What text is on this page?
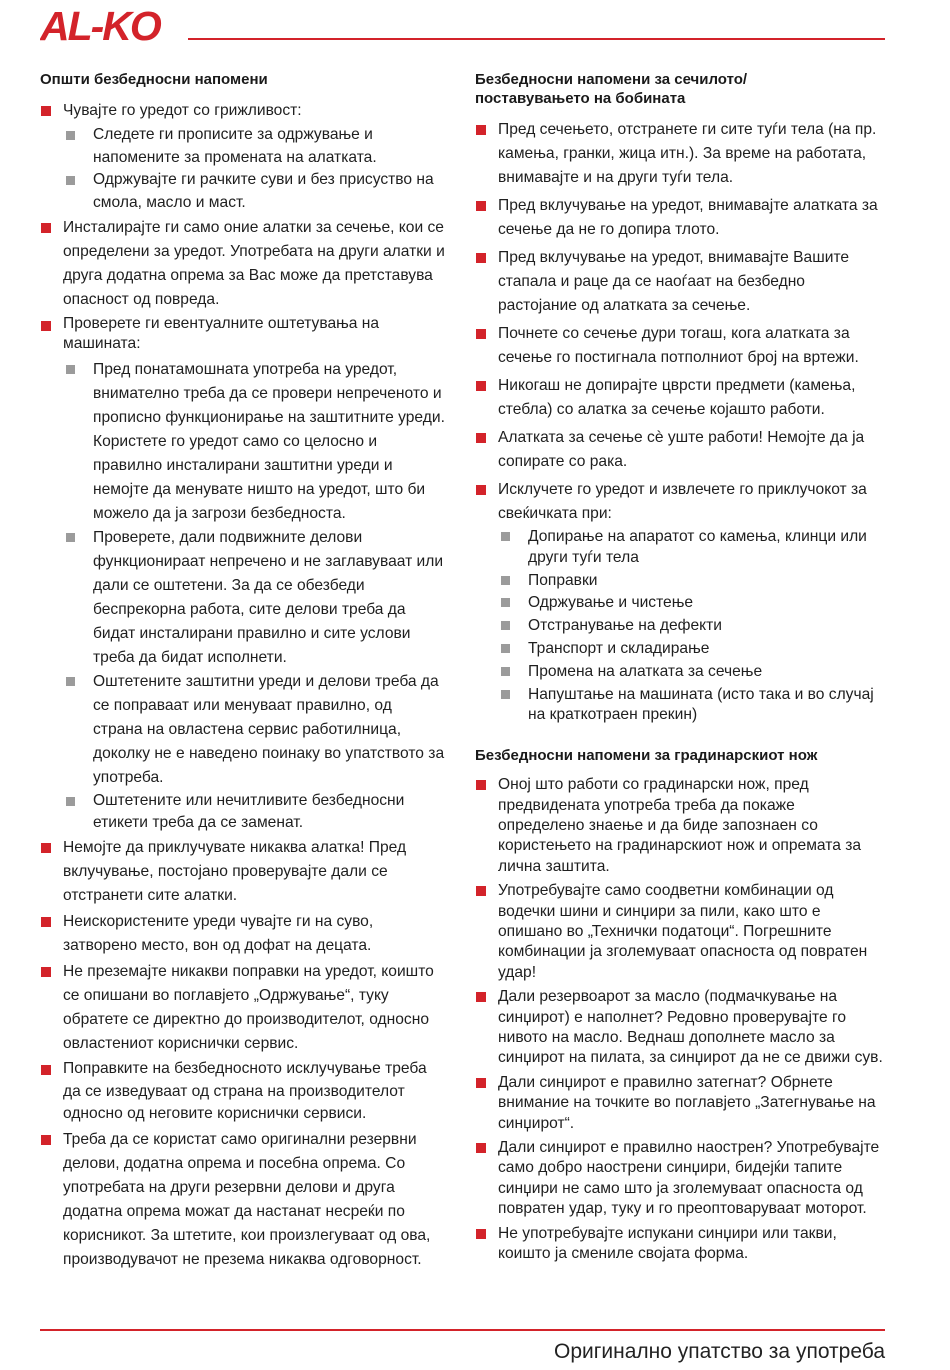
AL-KO
Општи безбедносни напомени
Чувајте го уредот со грижливост:
Следете ги прописите за одржување и напомените за промената на алатката.
Одржувајте ги рачките суви и без присуство на смола, масло и маст.
Инсталирајте ги само оние алатки за сечење, кои се определени за уредот. Употребата на други алатки и друга додатна опрема за Вас може да претставува опасност од повреда.
Проверете ги евентуалните оштетувања на машината:
Пред понатамошната употреба на уредот, внимателно треба да се провери непреченото и прописно функционирање на заштитните уреди. Користете го уредот само со целосно и правилно инсталирани заштитни уреди и немојте да менувате ништо на уредот, што би можело да ја загрози безбедноста.
Проверете, дали подвижните делови функционираат непречено и не заглавуваат или дали се оштетени. За да се обезбеди беспрекорна работа, сите делови треба да бидат инсталирани правилно и сите услови треба да бидат исполнети.
Оштетените заштитни уреди и делови треба да се поправаат или менуваат правилно, од страна на овластена сервис работилница, доколку не е наведено поинаку во упатството за употреба.
Оштетените или нечитливите безбедносни етикети треба да се заменат.
Немојте да приклучувате никаква алатка! Пред вклучување, постојано проверувајте дали се отстранети сите алатки.
Неискористените уреди чувајте ги на суво, затворено место, вон од дофат на децата.
Не преземајте никакви поправки на уредот, коишто се опишани во поглавјето „Одржување“, туку обратете се директно до производителот, односно овластениот кориснички сервис.
Поправките на безбедносното исклучување треба да се изведуваат од страна на производителот односно од неговите кориснички сервиси.
Треба да се користат само оригинални резервни делови, додатна опрема и посебна опрема. Со употребата на други резервни делови и друга додатна опрема можат да настанат несреќи по корисникот. За штетите, кои произлегуваат од ова, производувачот не презема никаква одговорност.
Безбедносни напомени за сечилото/ поставувањето на бобината
Пред сечењето, отстранете ги сите туѓи тела (на пр. камења, гранки, жица итн.). За време на работата, внимавајте и на други туѓи тела.
Пред вклучување на уредот, внимавајте алатката за сечење да не го допира тлото.
Пред вклучување на уредот, внимавајте Вашите стапала и раце да се наоѓаат на безбедно растојание од алатката за сечење.
Почнете со сечење дури тогаш, кога алатката за сечење го постигнала потполниот број на вртежи.
Никогаш не допирајте цврсти предмети (камења, стебла) со алатка за сечење којашто работи.
Алатката за сечење сè уште работи! Немојте да ја сопирате со рака.
Исклучете го уредот и извлечете го приклучокот за свеќичката при:
Допирање на апаратот со камења, клинци или други туѓи тела
Поправки
Одржување и чистење
Отстранување на дефекти
Транспорт и складирање
Промена на алатката за сечење
Напуштање на машината (исто така и во случај на краткотраен прекин)
Безбедносни напомени за градинарскиот нож
Оној што работи со градинарски нож, пред предвидената употреба треба да покаже определено знаење и да биде запознаен со користењето на градинарскиот нож и опремата за лична заштита.
Употребувајте само соодветни комбинации од водечки шини и синџири за пили, како што е опишано во „Технички податоци“. Погрешните комбинации ја зголемуваат опасноста од повратен удар!
Дали резервоарот за масло (подмачкување на синџирот) е наполнет? Редовно проверувајте го нивото на масло. Веднаш дополнете масло за синџирот на пилата, за синџирот да не се движи сув.
Дали синџирот е правилно затегнат? Обрнете внимание на точките во поглавјето „Затегнување на синџирот“.
Дали синџирот е правилно наострен? Употребувајте само добро наострени синџири, бидејќи тапите синџири не само што ја зголемуваат опасноста од повратен удар, туку и го преоптоваруваат моторот.
Не употребувајте испукани синџири или такви, коишто ја смениле својата форма.
Оригинално упатство за употреба
